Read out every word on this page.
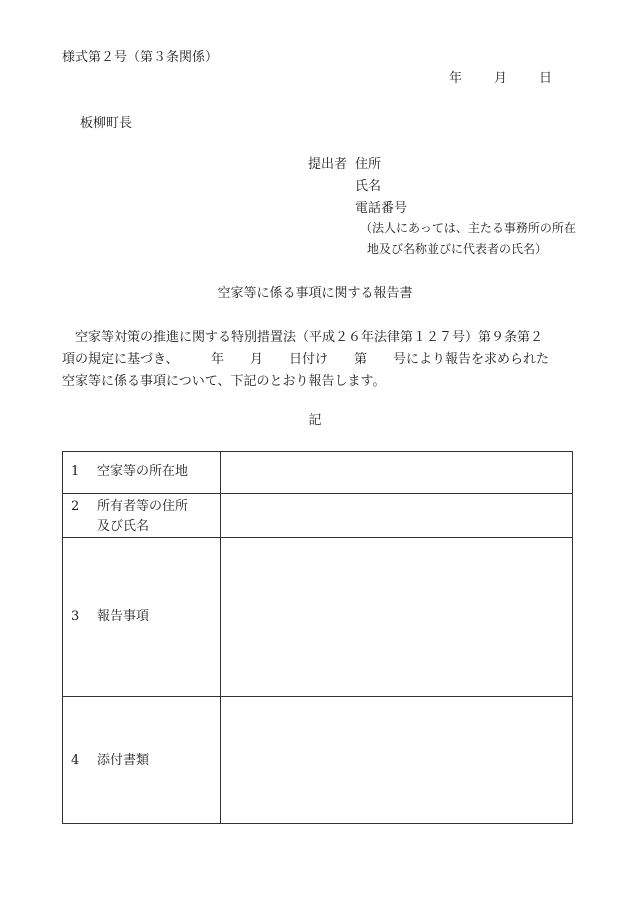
様式第２号（第３条関係）
年 月 日
板柳町長
提出者 住所
氏名
電話番号
（法人にあっては、主たる事務所の所在
地及び名称並びに代表者の氏名）
空家等に係る事項に関する報告書
　空家等対策の推進に関する特別措置法（平成２６年法律第１２７号）第９条第２
項の規定に基づき、　　　年　　月　　日付け　　第　　号により報告を求められた
空家等に係る事項について、下記のとおり報告します。
記
1 空家等の所在地	

2 所有者等の住所
及び氏名	

3 報告事項	

4 添付書類	
